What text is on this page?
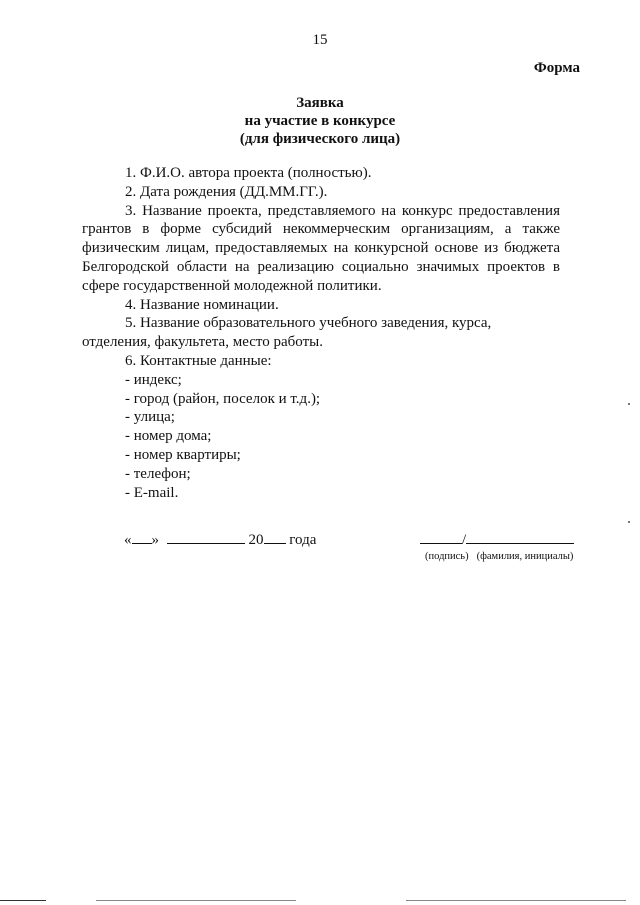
15
Форма
Заявка
на участие в конкурсе
(для физического лица)

1. Ф.И.О. автора проекта (полностью).

2. Дата рождения (ДД.ММ.ГГ.).

3. Название проекта, представляемого на конкурс предоставления грантов в форме субсидий некоммерческим организациям, а также физическим лицам, предоставляемых на конкурсной основе из бюджета Белгородской области на реализацию социально значимых проектов в сфере государственной молодежной политики.

4. Название номинации.

5. Название образовательного учебного заведения, курса, отделения, факультета, место работы.

6. Контактные данные:

- индекс;

- город (район, поселок и т.д.);

- улица;

- номер дома;

- номер квартиры;

- телефон;

- E-mail.

« »	20 года	/
(подпись) (фамилия, инициалы)
